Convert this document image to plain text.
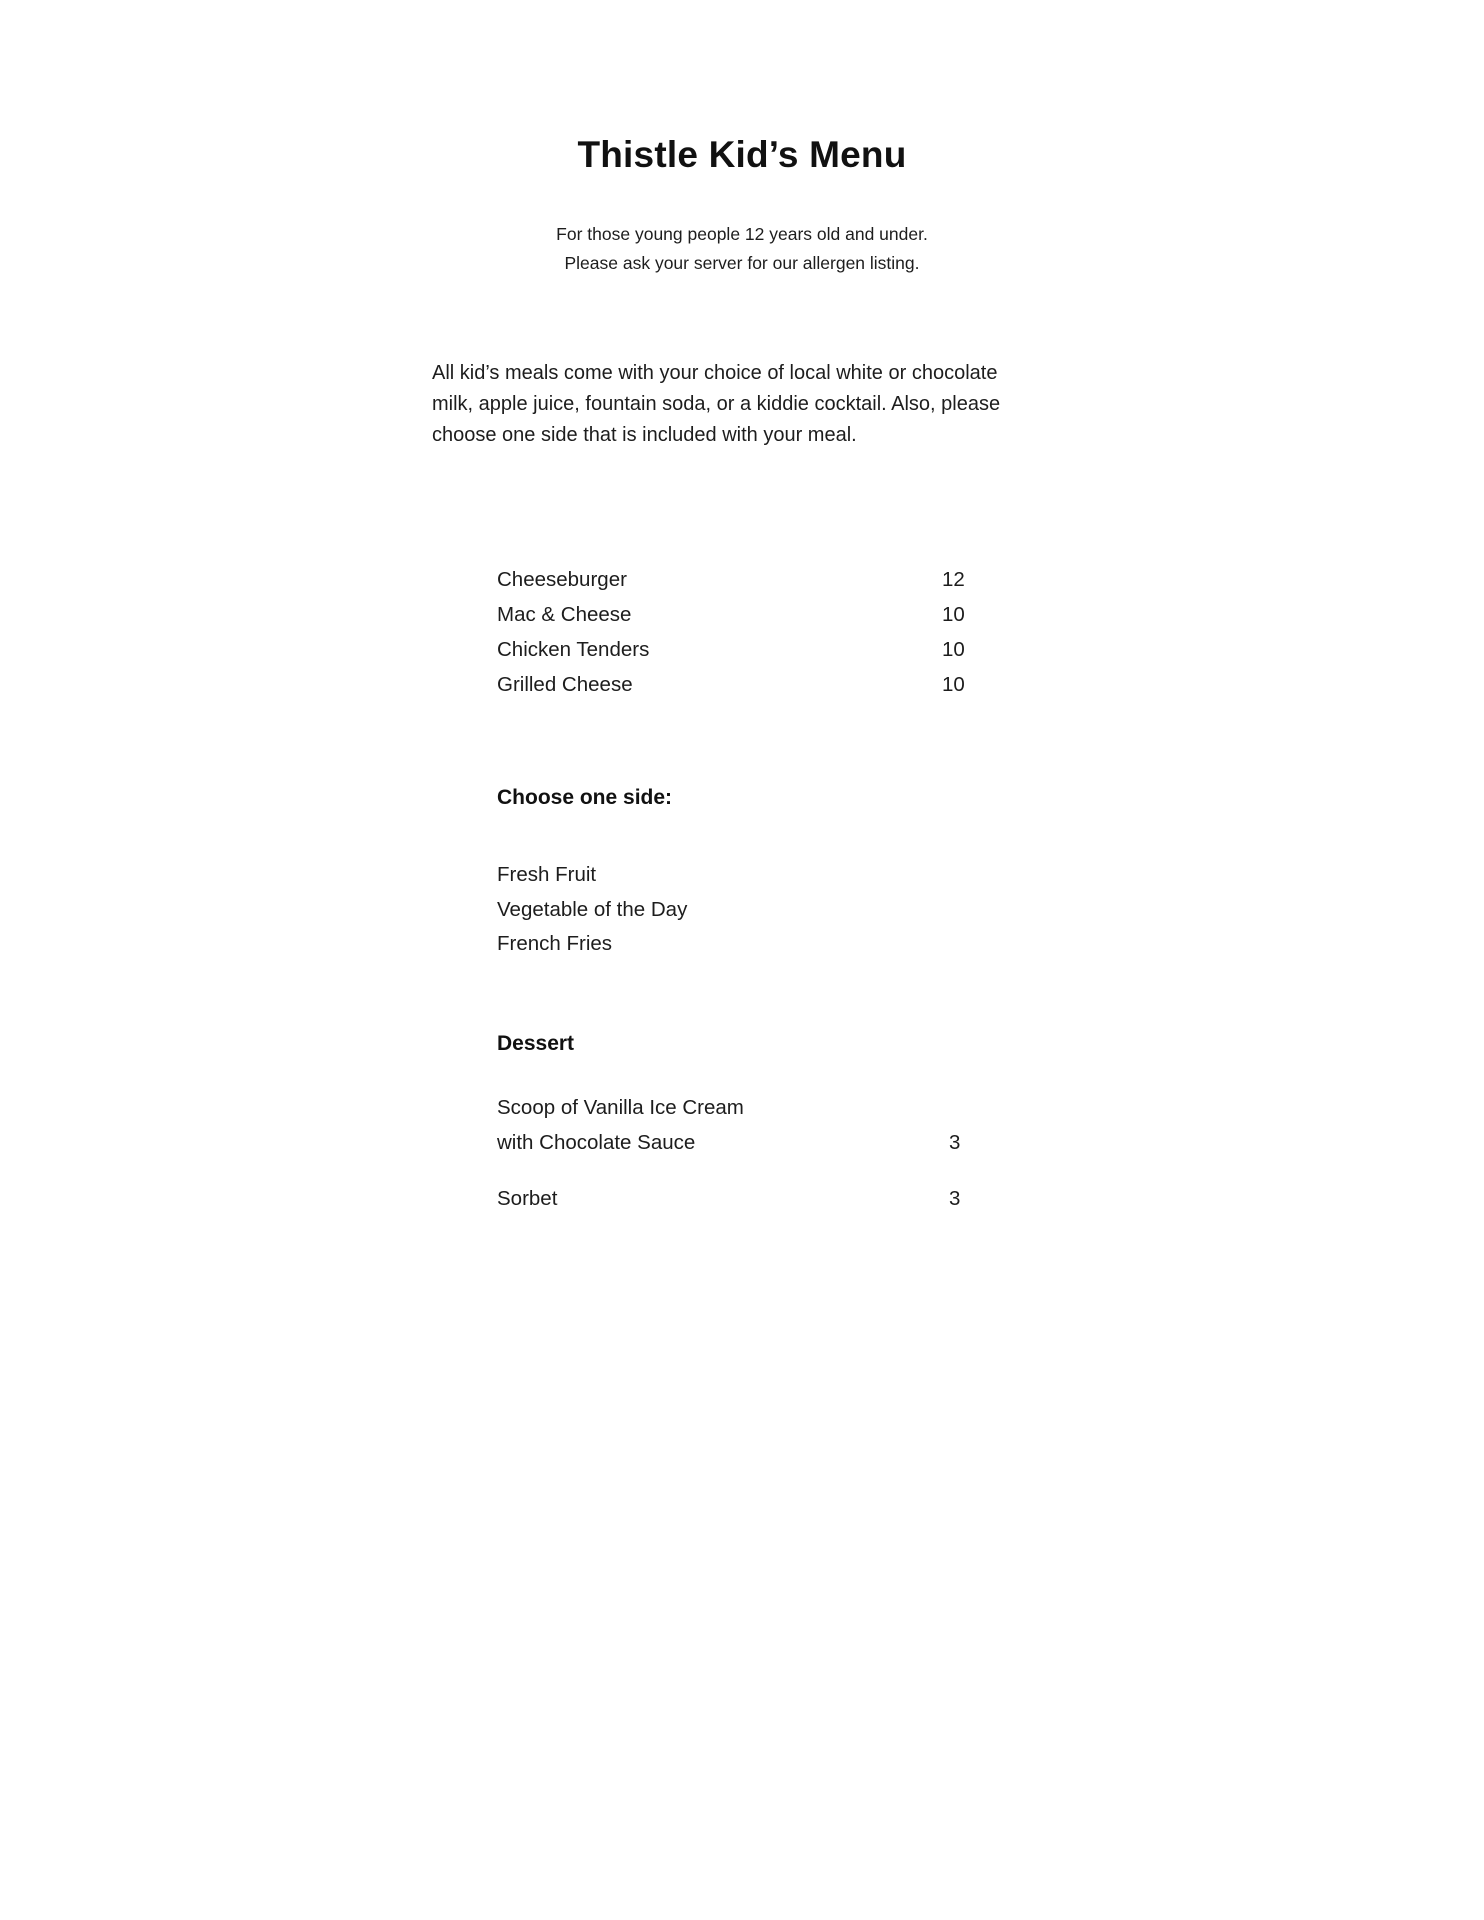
Thistle Kid’s Menu
For those young people 12 years old and under.
Please ask your server for our allergen listing.
All kid’s meals come with your choice of local white or chocolate milk, apple juice, fountain soda, or a kiddie cocktail. Also, please choose one side that is included with your meal.
Cheeseburger	12
Mac & Cheese	10
Chicken Tenders	10
Grilled Cheese	10
Choose one side:
Fresh Fruit
Vegetable of the Day
French Fries
Dessert
Scoop of Vanilla Ice Cream
with Chocolate Sauce	3
Sorbet	3
